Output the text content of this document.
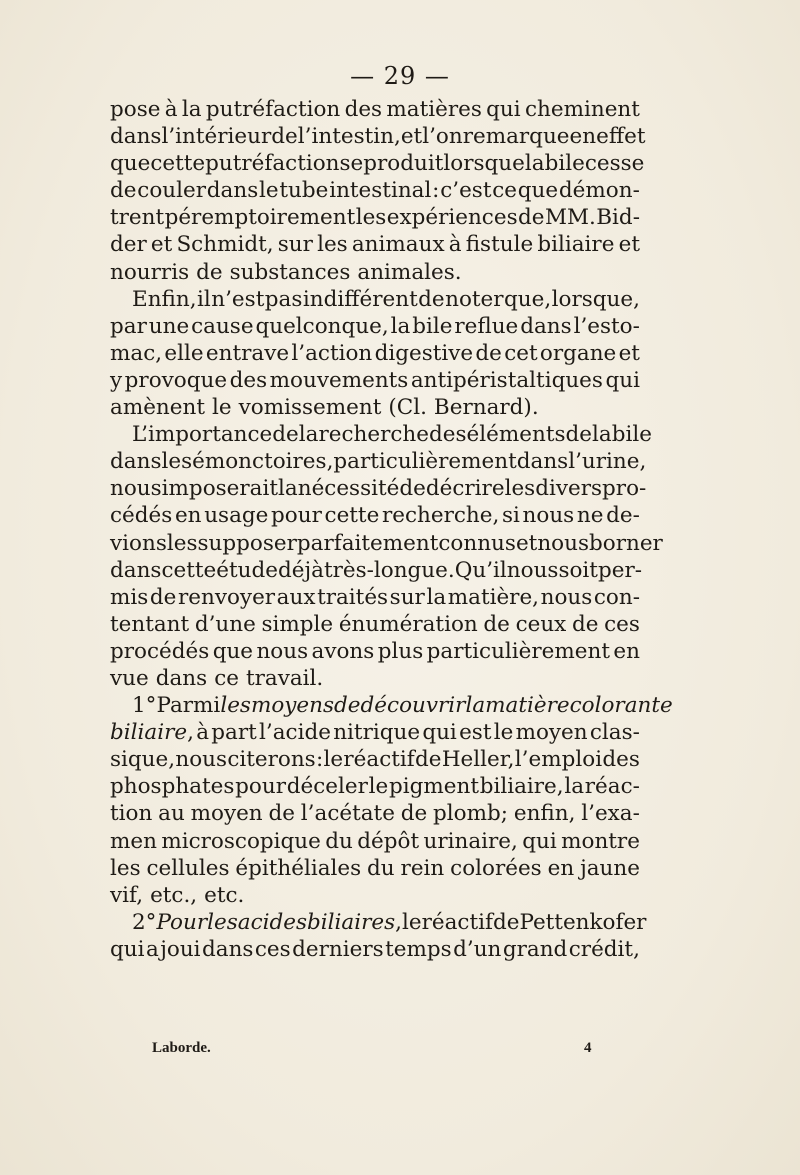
— 29 —
pose à la putréfaction des matières qui cheminent
dans l’intérieur de l’intestin, et l’on remarque en effet
que cette putréfaction se produit lorsque la bile cesse
de couler dans le tube intestinal : c’est ce que démon-
trent péremptoirement les expériences de MM. Bid-
der et Schmidt, sur les animaux à fistule biliaire et
nourris de substances animales.
Enfin, il n’est pas indifférent de noter que, lorsque,
par une cause quelconque, la bile reflue dans l’esto-
mac, elle entrave l’action digestive de cet organe et
y provoque des mouvements antipéristaltiques qui
amènent le vomissement (Cl. Bernard).
L’importance de la recherche des éléments de la bile
da ns les émonctoires, particulièrement dans l’urine,
nous imposerait la nécessité de décrire les divers pro-
cédés en usage pour cette recherche, si nous ne de-
vions les supposer parfaitement connus et nous borner
dans cette étude déjà très-longue. Qu’il nous soit per-
mis de renvoyer aux traités sur la matière, nous con-
tentant d’une simple énumération de ceux de ces
procédés que nous avons plus particulièrement en
vue dans ce travail.
1° Parmi les moyens de découvrir la matière colorante
biliaire, à part l’acide nitrique qui est le moyen clas-
sique, nous citerons : le réactif de Heller, l’emploi des
phosphates pour déceler le pigment biliaire, la réac-
tion au moyen de l’acétate de plomb; enfin, l’exa-
men microscopique du dépôt urinaire, qui montre
les cellules épithéliales du rein colorées en jaune
vif, etc., etc.
2° Pour les acides biliaires, le réactif de Pettenkofer
qui a joui dans ces derniers temps d’un grand crédit,
Laborde.	4
